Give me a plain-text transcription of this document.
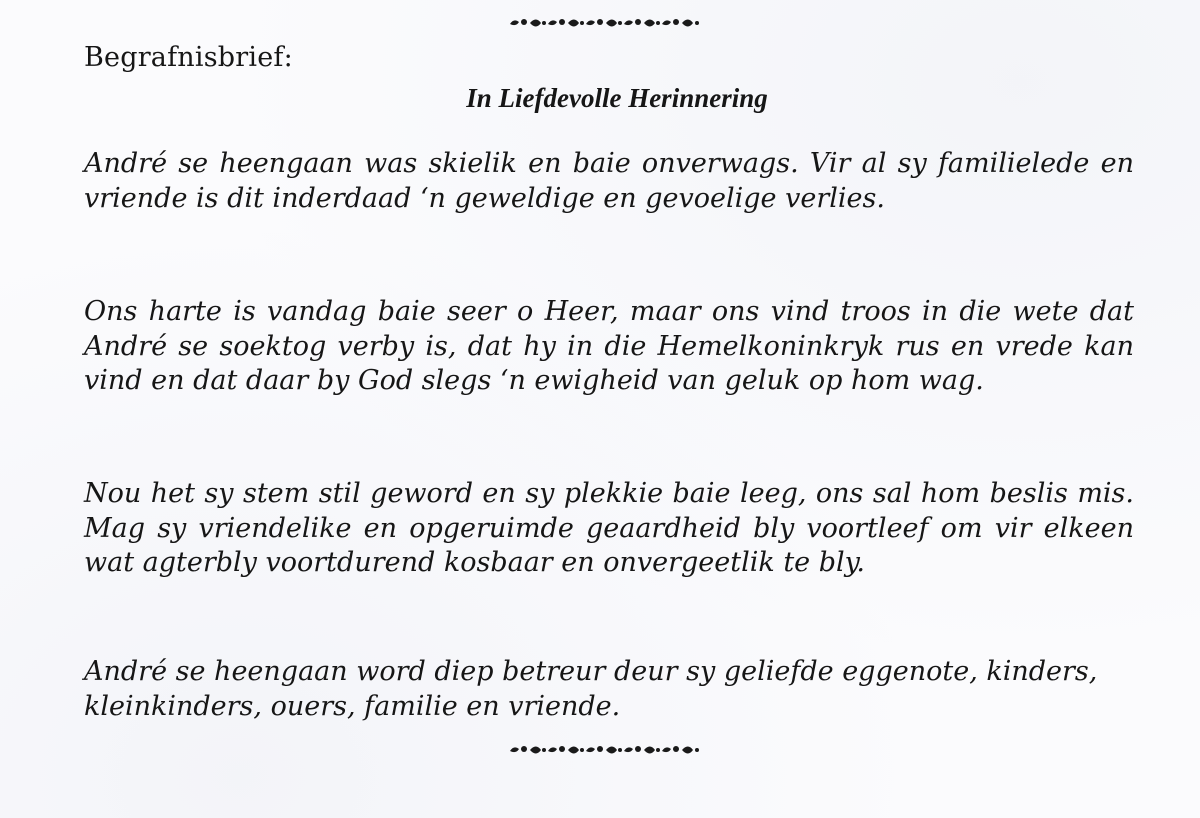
Begrafnisbrief:
In Liefdevolle Herinnering

André se heengaan was skielik en baie onverwags. Vir al sy familielede en vriende is dit inderdaad ‘n geweldige en gevoelige verlies.

Ons harte is vandag baie seer o Heer, maar ons vind troos in die wete dat André se soektog verby is, dat hy in die Hemelkoninkryk rus en vrede kan vind en dat daar by God slegs ‘n ewigheid van geluk op hom wag.

Nou het sy stem stil geword en sy plekkie baie leeg, ons sal hom beslis mis. Mag sy vriendelike en opgeruimde geaardheid bly voortleef om vir elkeen wat agterbly voortdurend kosbaar en onvergeetlik te bly.

André se heengaan word diep betreur deur sy geliefde eggenote, kinders, kleinkinders, ouers, familie en vriende.
